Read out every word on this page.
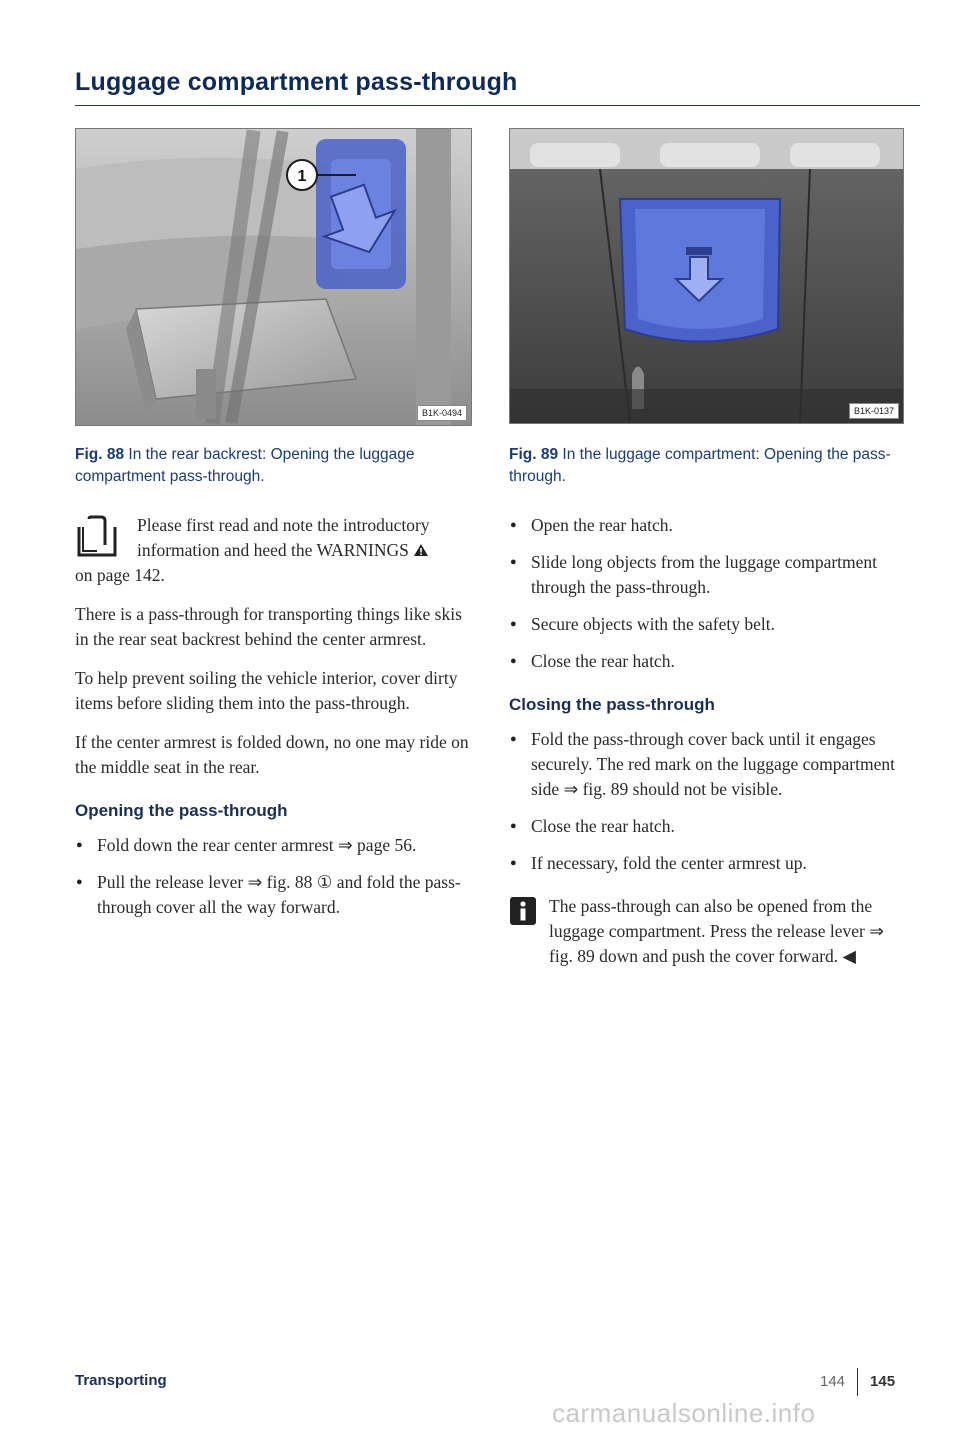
Luggage compartment pass-through
1
B1K-0494
Fig. 88 In the rear backrest: Opening the luggage compartment pass-through.
B1K-0137
Fig. 89 In the luggage compartment: Opening the pass-through.
Please first read and note the introductory
information and heed the WARNINGS
on page 142.

There is a pass-through for transporting things like skis in the rear seat backrest behind the center armrest.

To help prevent soiling the vehicle interior, cover dirty items before sliding them into the pass-through.

If the center armrest is folded down, no one may ride on the middle seat in the rear.

Opening the pass-through
● Fold down the rear center armrest ⇒ page 56.
● Pull the release lever ⇒ fig. 88 ① and fold the pass-through cover all the way forward.
● Open the rear hatch.
● Slide long objects from the luggage compartment through the pass-through.
● Secure objects with the safety belt.
● Close the rear hatch.
Closing the pass-through
● Fold the pass-through cover back until it engages securely. The red mark on the luggage compartment side ⇒ fig. 89 should not be visible.
● Close the rear hatch.
● If necessary, fold the center armrest up.
The pass-through can also be opened from the luggage compartment. Press the release lever ⇒ fig. 89 down and push the cover forward. ◀
Transporting	144 145
carmanualsonline.info
